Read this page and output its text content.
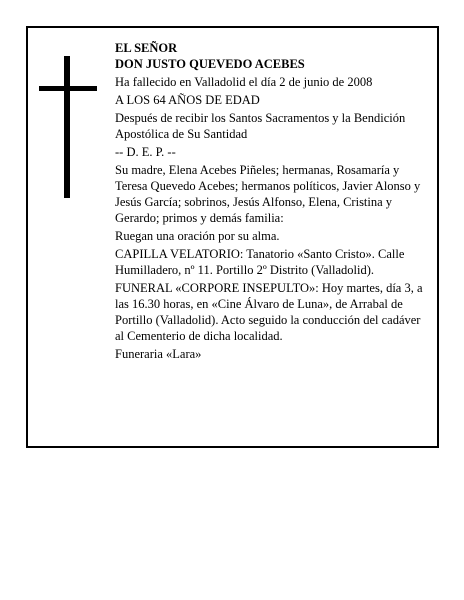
EL SEÑOR
DON JUSTO QUEVEDO ACEBES

Ha fallecido en Valladolid el día 2 de junio de 2008

A LOS 64 AÑOS DE EDAD

Después de recibir los Santos Sacramentos y la Bendición Apostólica de Su Santidad

-- D. E. P. --

Su madre, Elena Acebes Piñeles; hermanas, Rosamaría y Teresa Quevedo Acebes; hermanos políticos, Javier Alonso y Jesús García; sobrinos, Jesús Alfonso, Elena, Cristina y Gerardo; primos y demás familia:

Ruegan una oración por su alma.

CAPILLA VELATORIO: Tanatorio «Santo Cristo». Calle Humilladero, nº 11. Portillo 2º Distrito (Valladolid).

FUNERAL «CORPORE INSEPULTO»: Hoy martes, día 3, a las 16.30 horas, en «Cine Álvaro de Luna», de Arrabal de Portillo (Valladolid). Acto seguido la conducción del cadáver al Cementerio de dicha localidad.

Funeraria «Lara»
